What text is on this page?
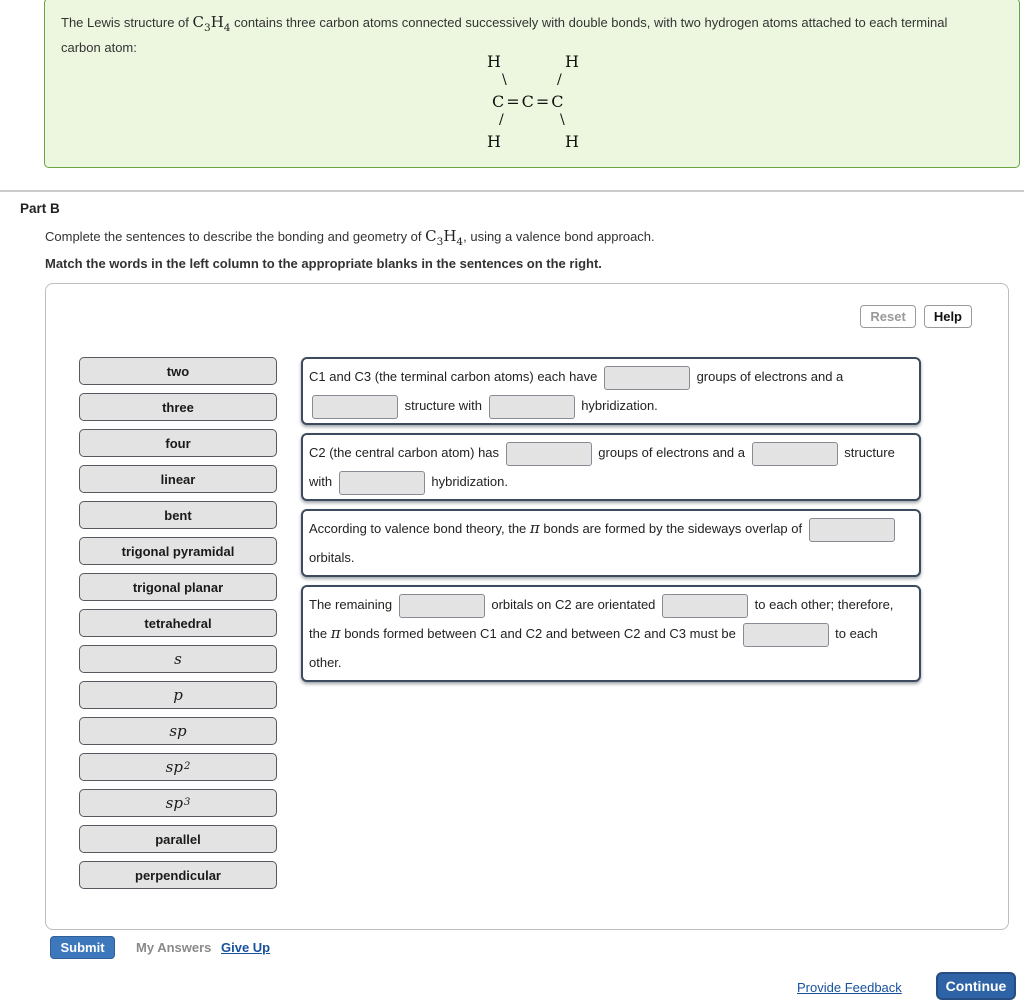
The Lewis structure of $C_3H_4$ contains three carbon atoms connected successively with double bonds, with two hydrogen atoms attached to each terminal carbon atom:
H	H
\	/
C=C=C
/	\
H	H
Part B
Complete the sentences to describe the bonding and geometry of $C_3H_4$, using a valence bond approach.
Match the words in the left column to the appropriate blanks in the sentences on the right.
Reset	Help
two
three
four
linear
bent
trigonal pyramidal
trigonal planar
tetrahedral
s
p
sp
sp 2
sp 3
parallel
perpendicular
C1 and C3 (the terminal carbon atoms) each have	groups of electrons and a
structure with	hybridization.
C2 (the central carbon atom) has	groups of electrons and a	structure
with	hybridization.
According to valence bond theory, the π bonds are formed by the sideways overlap of
orbitals.
The remaining	orbitals on C2 are orientated	to each other; therefore,
the π bonds formed between C1 and C2 and between C2 and C3 must be	to each
other.
Submit	My Answers Give Up
Provide Feedback	Continue
